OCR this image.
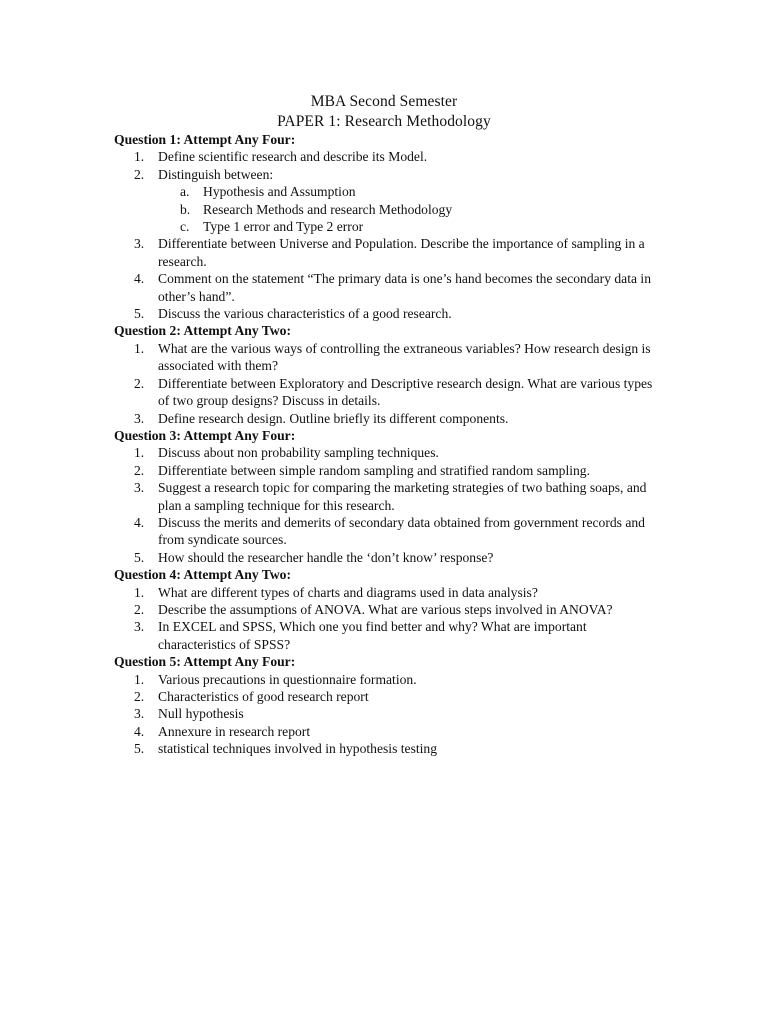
MBA Second Semester
PAPER 1: Research Methodology

Question 1: Attempt Any Four:

1.	Define scientific research and describe its Model.
2.	Distinguish between:
a. Hypothesis and Assumption
b. Research Methods and research Methodology
c. Type 1 error and Type 2 error
3.	Differentiate between Universe and Population. Describe the importance of sampling in a research.
4.	Comment on the statement “The primary data is one’s hand becomes the secondary data in other’s hand”.
5.	Discuss the various characteristics of a good research.

Question 2: Attempt Any Two:

1.	What are the various ways of controlling the extraneous variables? How research design is associated with them?
2.	Differentiate between Exploratory and Descriptive research design. What are various types of two group designs? Discuss in details.
3.	Define research design. Outline briefly its different components.

Question 3: Attempt Any Four:

1.	Discuss about non probability sampling techniques.
2.	Differentiate between simple random sampling and stratified random sampling.
3.	Suggest a research topic for comparing the marketing strategies of two bathing soaps, and plan a sampling technique for this research.
4.	Discuss the merits and demerits of secondary data obtained from government records and from syndicate sources.
5.	How should the researcher handle the ‘don’t know’ response?

Question 4: Attempt Any Two:

1.	What are different types of charts and diagrams used in data analysis?
2.	Describe the assumptions of ANOVA. What are various steps involved in ANOVA?
3.	In EXCEL and SPSS, Which one you find better and why? What are important characteristics of SPSS?

Question 5: Attempt Any Four:

1.	Various precautions in questionnaire formation.
2.	Characteristics of good research report
3.	Null hypothesis
4.	Annexure in research report
5.	statistical techniques involved in hypothesis testing
